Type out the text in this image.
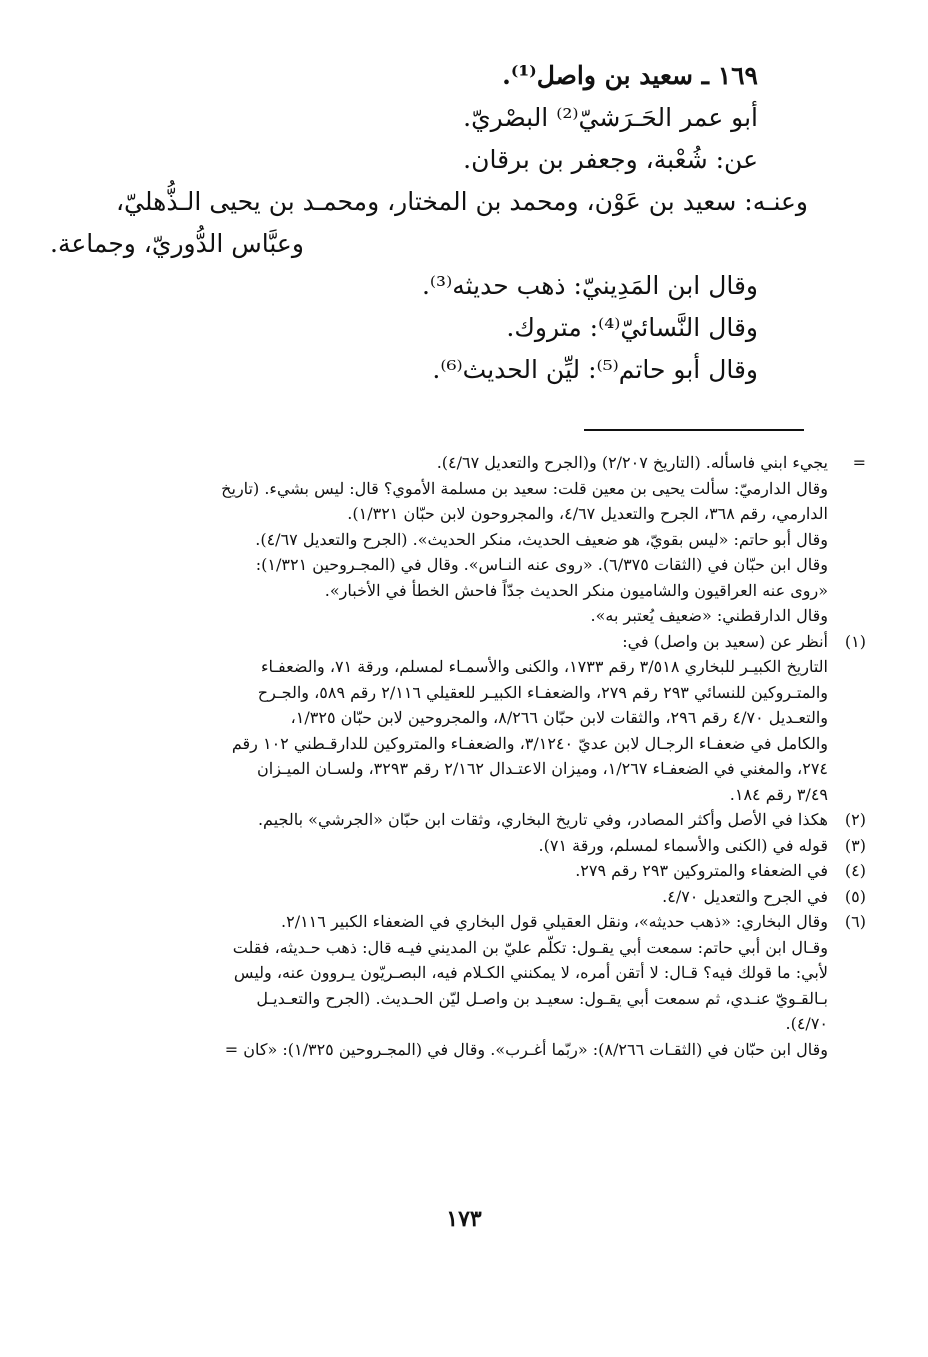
١٦٩ ـ سعيد بن واصل⁽¹⁾.
أبو عمر الحَـرَشيّ⁽²⁾ البصْريّ.
عن: شُعْبة، وجعفر بن برقان.
وعنـه: سعيد بن عَوْن، ومحمد بن المختار، ومحمـد بن يحيى الـذُّهليّ،
وعبَّاس الدُّوريّ، وجماعة.
وقال ابن المَدِينيّ: ذهب حديثه⁽³⁾.
وقال النَّسائيّ⁽⁴⁾: متروك.
وقال أبو حاتم⁽⁵⁾: ليِّن الحديث⁽⁶⁾.
=
يجيء ابني فاسأله. (التاريخ ٢/٢٠٧) و(الجرح والتعديل ٤/٦٧).
وقال الدارميّ: سألت يحيى بن معين قلت: سعيد بن مسلمة الأموي؟ قال: ليس بشيء. (تاريخ
الدارمي، رقم ٣٦٨، الجرح والتعديل ٤/٦٧، والمجروحون لابن حبّان ١/٣٢١).
وقال أبو حاتم: «ليس بقويّ، هو ضعيف الحديث، منكر الحديث». (الجرح والتعديل ٤/٦٧).
وقال ابن حبّان في (الثقات ٦/٣٧٥). «روى عنه النـاس». وقال في (المجـروحين ١/٣٢١):
«روى عنه العراقيون والشاميون منكر الحديث جدّاً فاحش الخطأ في الأخبار».
وقال الدارقطني: «ضعيف يُعتبر به».
(١)
أنظر عن (سعيد بن واصل) في:
التاريخ الكبيـر للبخاري ٣/٥١٨ رقم ١٧٣٣، والكنى والأسمـاء لمسلم، ورقة ٧١، والضعفـاء
والمتـروكين للنسائي ٢٩٣ رقم ٢٧٩، والضعفـاء الكبيـر للعقيلي ٢/١١٦ رقم ٥٨٩، والجـرح
والتعـديل ٤/٧٠ رقم ٢٩٦، والثقات لابن حبّان ٨/٢٦٦، والمجروحين لابن حبّان ١/٣٢٥،
والكامل في ضعفـاء الرجـال لابن عديّ ٣/١٢٤٠، والضعفـاء والمتروكين للدارقـطني ١٠٢ رقم
٢٧٤، والمغني في الضعفـاء ١/٢٦٧، وميزان الاعتـدال ٢/١٦٢ رقم ٣٢٩٣، ولسـان الميـزان
٣/٤٩ رقم ١٨٤.
(٢)
هكذا في الأصل وأكثر المصادر، وفي تاريخ البخاري، وثقات ابن حبّان «الجرشي» بالجيم.
(٣)
قوله في (الكنى والأسماء لمسلم، ورقة ٧١).
(٤)
في الضعفاء والمتروكين ٢٩٣ رقم ٢٧٩.
(٥)
في الجرح والتعديل ٤/٧٠.
(٦)
وقال البخاري: «ذهب حديثه»، ونقل العقيلي قول البخاري في الضعفاء الكبير ٢/١١٦.
وقـال ابن أبي حاتم: سمعت أبي يقـول: تكلّم عليّ بن المديني فيـه قال: ذهب حـديثه، فقلت
لأبي: ما قولك فيه؟ قـال: لا أتقن أمره، لا يمكنني الكـلام فيه، البصـريّون يـروون عنه، وليس
بـالقـويّ عنـدي، ثم سمعت أبي يقـول: سعيـد بن واصـل ليّن الحـديث. (الجرح والتعـديـل
٤/٧٠).
وقال ابن حبّان في (الثقـات ٨/٢٦٦): «ربّما أغـرب». وقال في (المجـروحين ١/٣٢٥): «كان =
١٧٣
